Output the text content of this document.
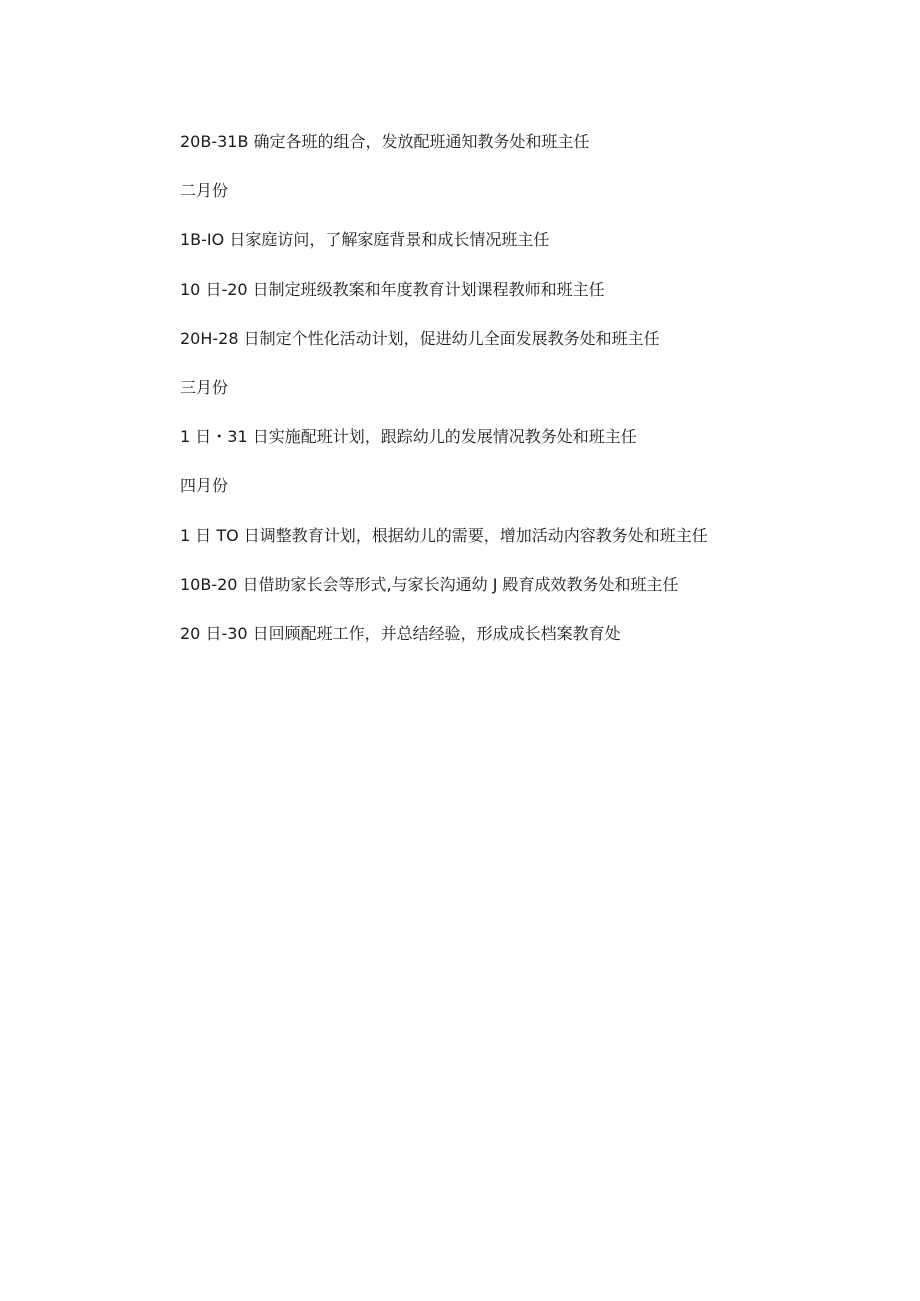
20B-31B 确定各班的组合，发放配班通知教务处和班主任
二月份
1B-IO 日家庭访问，了解家庭背景和成长情况班主任
10 日-20 日制定班级教案和年度教育计划课程教师和班主任
20H-28 日制定个性化活动计划，促进幼儿全面发展教务处和班主任
三月份
1 日・31 日实施配班计划，跟踪幼儿的发展情况教务处和班主任
四月份
1 日 TO 日调整教育计划，根据幼儿的需要，增加活动内容教务处和班主任
10B-20 日借助家长会等形式,与家长沟通幼 J 殿育成效教务处和班主任
20 日-30 日回顾配班工作，并总结经验，形成成长档案教育处
